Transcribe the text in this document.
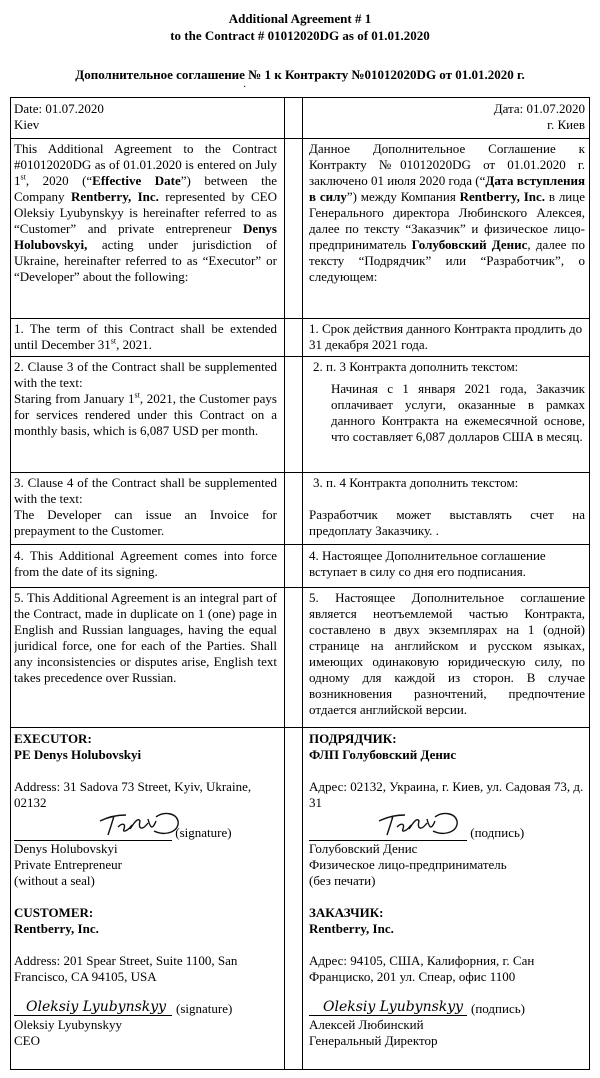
Additional Agreement # 1
to the Contract # 01012020DG as of 01.01.2020
Дополнительное соглашение № 1 к Контракту №01012020DG от 01.01.2020 г.
·
Date: 01.07.2020
Kiev
Дата: 01.07.2020
г. Киев
This Additional Agreement to the Contract #01012020DG as of 01.01.2020 is entered on July 1st, 2020 (“Effective Date”) between the Company Rentberry, Inc. represented by CEO Oleksiy Lyubynskyy is hereinafter referred to as “Customer” and private entrepreneur Denys Holubovskyi, acting under jurisdiction of Ukraine, hereinafter referred to as “Executor” or “Developer” about the following:
Данное Дополнительное Соглашение к Контракту №01012020DG от 01.01.2020 г. заключено 01 июля 2020 года (“Дата вступления в силу”) между Компания Rentberry, Inc. в лице Генерального директора Любинского Алексея, далее по тексту “Заказчик” и физическое лицо-предприниматель Голубовский Денис, далее по тексту “Подрядчик” или “Разработчик”, о следующем:
1. The term of this Contract shall be extended until December 31st, 2021.
1. Срок действия данного Контракта продлить до 31 декабря 2021 года.
2. Clause 3 of the Contract shall be supplemented with the text:
Staring from January 1st, 2021, the Customer pays for services rendered under this Contract on a monthly basis, which is 6,087 USD per month.
2. п. 3 Контракта дополнить текстом:
Начиная с 1 января 2021 года, Заказчик оплачивает услуги, оказанные в рамках данного Контракта на ежемесячной основе, что составляет 6,087 долларов США в месяц.
3. Clause 4 of the Contract shall be supplemented with the text:
The Developer can issue an Invoice for prepayment to the Customer.
3. п. 4 Контракта дополнить текстом:
Разработчик может выставлять счет на предоплату Заказчику. .
4. This Additional Agreement comes into force from the date of its signing.
4. Настоящее Дополнительное соглашение вступает в силу со дня его подписания.
5. This Additional Agreement is an integral part of the Contract, made in duplicate on 1 (one) page in English and Russian languages, having the equal juridical force, one for each of the Parties. Shall any inconsistencies or disputes arise, English text takes precedence over Russian.
5. Настоящее Дополнительное соглашение является неотъемлемой частью Контракта, составлено в двух экземплярах на 1 (одной) странице на английском и русском языках, имеющих одинаковую юридическую силу, по одному для каждой из сторон. В случае возникновения разночтений, предпочтение отдается английской версии.
EXECUTOR:
PE Denys Holubovskyi
Address: 31 Sadova 73 Street, Kyiv, Ukraine, 02132
(signature)
Denys Holubovskyi
Private Entrepreneur
(without a seal)
CUSTOMER:
Rentberry, Inc.
Address: 201 Spear Street, Suite 1100, San Francisco, CA 94105, USA
Oleksiy Lyubynskyy (signature)
Oleksiy Lyubynskyy
CEO
ПОДРЯДЧИК:
ФЛП Голубовский Денис
Адрес: 02132, Украина, г. Киев, ул. Садовая 73, д. 31
(подпись)
Голубовский Денис
Физическое лицо-предприниматель
(без печати)
ЗАКАЗЧИК:
Rentberry, Inc.
Адрес: 94105, США, Калифорния, г. Сан Франциско, 201 ул. Спеар, офис 1100
Oleksiy Lyubynskyy (подпись)
Алексей Любинский
Генеральный Директор
